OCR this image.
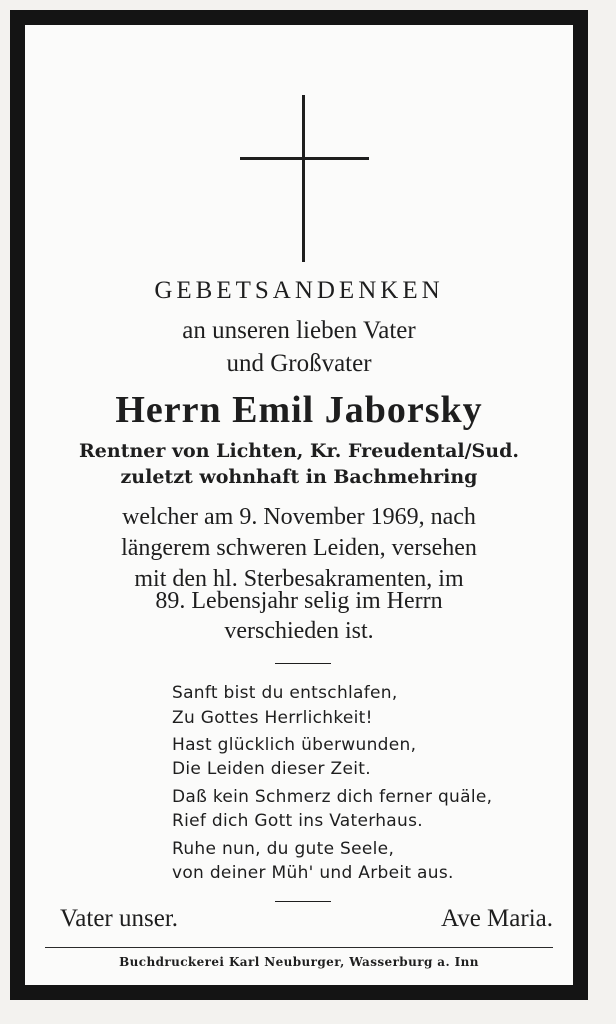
GEBETSANDENKEN
an unseren lieben Vater
und Großvater
Herrn Emil Jaborsky
Rentner von Lichten, Kr. Freudental/Sud.
zuletzt wohnhaft in Bachmehring
welcher am 9. November 1969, nach
längerem schweren Leiden, versehen
mit den hl. Sterbesakramenten, im
89. Lebensjahr selig im Herrn
verschieden ist.
Sanft bist du entschlafen,
Zu Gottes Herrlichkeit!
Hast glücklich überwunden,
Die Leiden dieser Zeit.
Daß kein Schmerz dich ferner quäle,
Rief dich Gott ins Vaterhaus.
Ruhe nun, du gute Seele,
von deiner Müh' und Arbeit aus.
Vater unser.	Ave Maria.
Buchdruckerei Karl Neuburger, Wasserburg a. Inn
